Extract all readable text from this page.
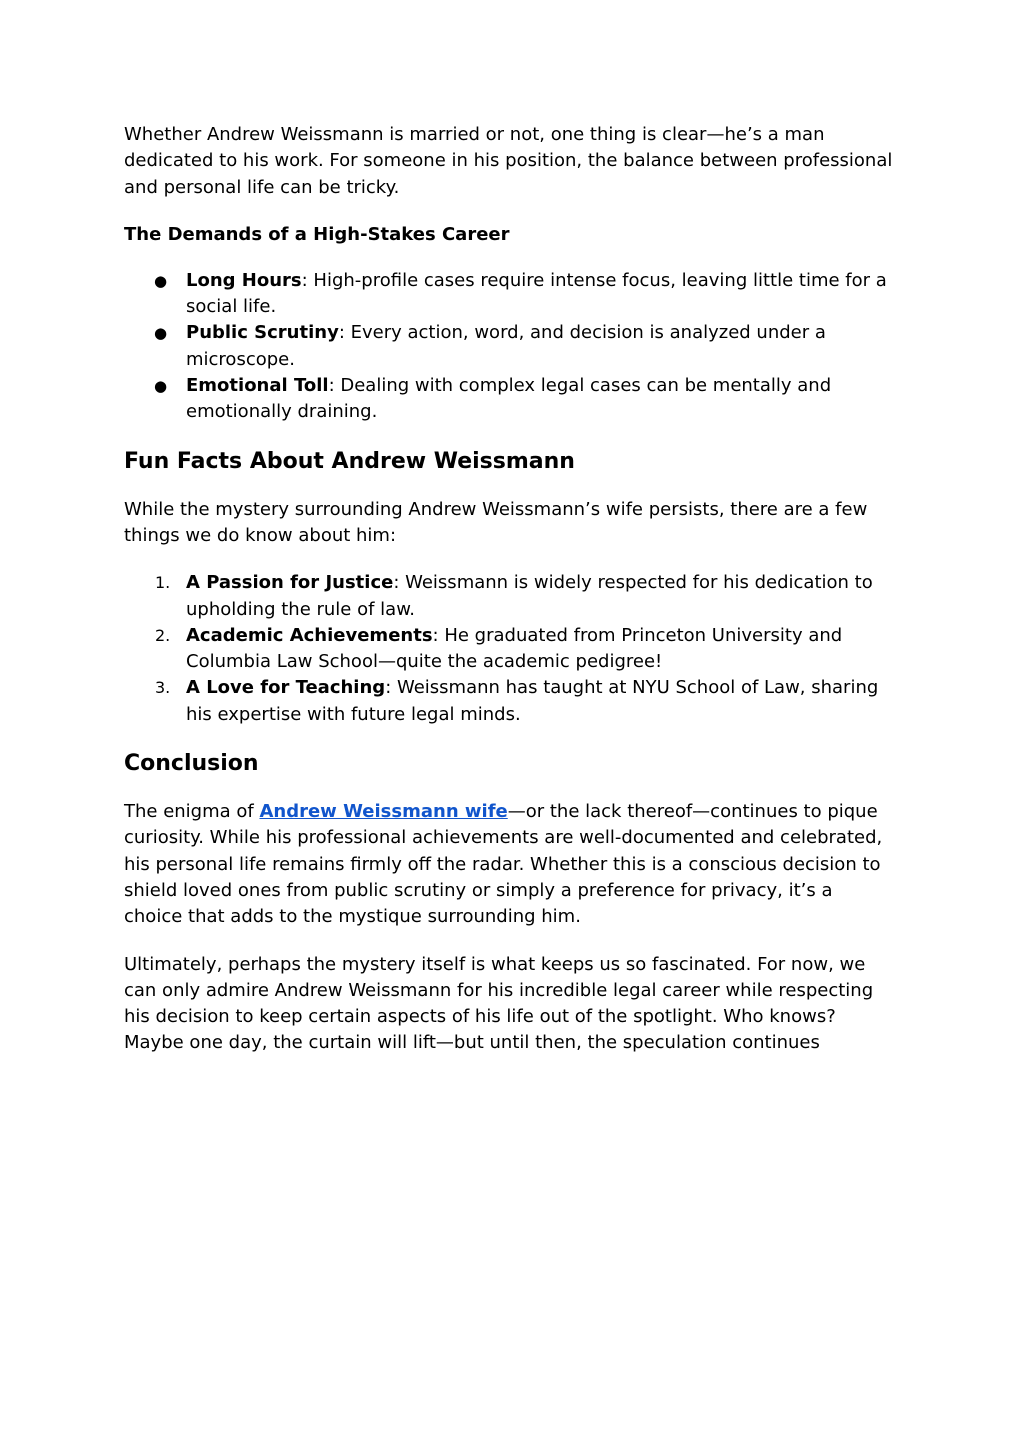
Whether Andrew Weissmann is married or not, one thing is clear—he’s a man dedicated to his work. For someone in his position, the balance between professional and personal life can be tricky.

The Demands of a High-Stakes Career
● Long Hours: High-profile cases require intense focus, leaving little time for a social life.
● Public Scrutiny: Every action, word, and decision is analyzed under a microscope.
● Emotional Toll: Dealing with complex legal cases can be mentally and emotionally draining.
Fun Facts About Andrew Weissmann

While the mystery surrounding Andrew Weissmann’s wife persists, there are a few things we do know about him:

1. A Passion for Justice: Weissmann is widely respected for his dedication to upholding the rule of law.
2. Academic Achievements: He graduated from Princeton University and Columbia Law School—quite the academic pedigree!
3. A Love for Teaching: Weissmann has taught at NYU School of Law, sharing his expertise with future legal minds.
Conclusion

The enigma of Andrew Weissmann wife—or the lack thereof—continues to pique curiosity. While his professional achievements are well-documented and celebrated, his personal life remains firmly off the radar. Whether this is a conscious decision to shield loved ones from public scrutiny or simply a preference for privacy, it’s a choice that adds to the mystique surrounding him.

Ultimately, perhaps the mystery itself is what keeps us so fascinated. For now, we can only admire Andrew Weissmann for his incredible legal career while respecting his decision to keep certain aspects of his life out of the spotlight. Who knows? Maybe one day, the curtain will lift—but until then, the speculation continues
